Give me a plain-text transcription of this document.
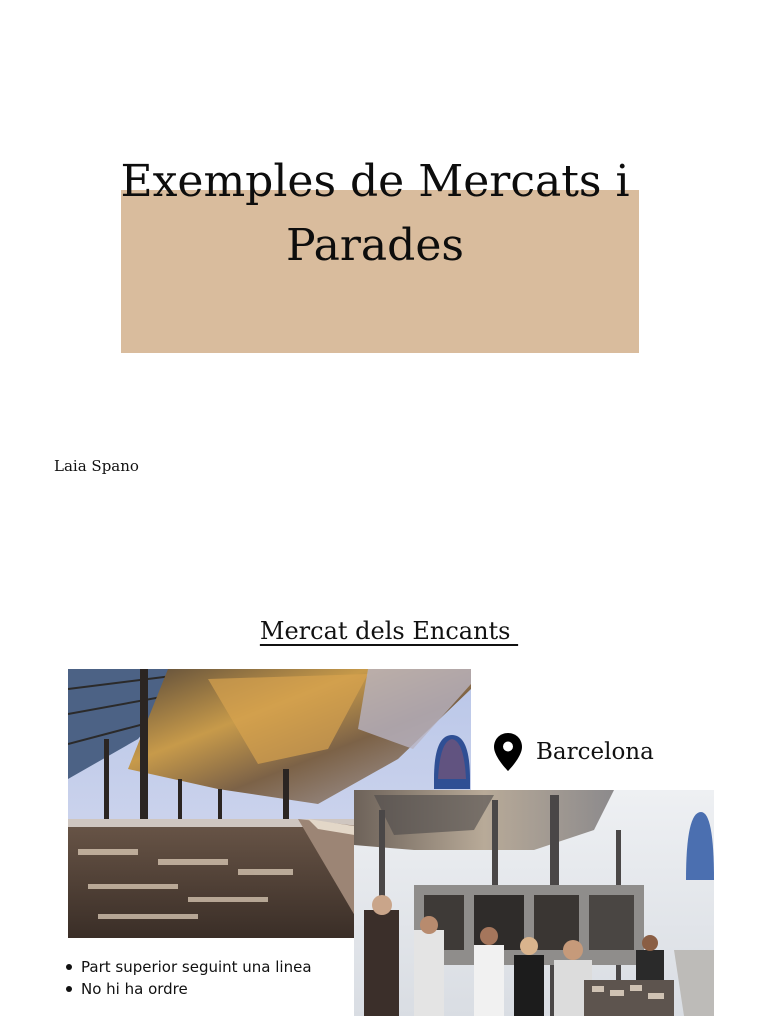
Exemples de Mercats i Parades
Laia Spano
Mercat dels Encants
Barcelona
Part superior seguint una linea
No hi ha ordre
